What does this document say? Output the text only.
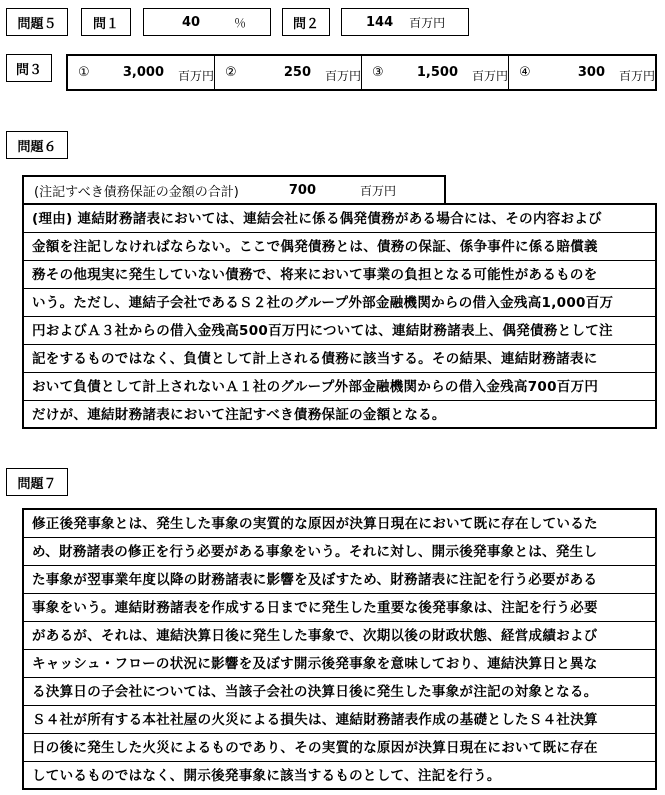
問題５	問１	40	％	問２	144 百万円
問３	①	3,000 百万円 ②	250 百万円 ③	1,500 百万円 ④	300 百万円
問題６
(注記すべき債務保証の金額の合計)	700	百万円
(理由) 連結財務諸表においては、連結会社に係る偶発債務がある場合には、その内容および
金額を注記しなければならない。ここで偶発債務とは、債務の保証、係争事件に係る賠償義
務その他現実に発生していない債務で、将来において事業の負担となる可能性があるものを
いう。ただし、連結子会社であるＳ２社のグループ外部金融機関からの借入金残高1,000百万
円およびＡ３社からの借入金残高500百万円については、連結財務諸表上、偶発債務として注
記をするものではなく、負債として計上される債務に該当する。その結果、連結財務諸表に
おいて負債として計上されないＡ１社のグループ外部金融機関からの借入金残高700百万円
だけが、連結財務諸表において注記すべき債務保証の金額となる。
問題７
修正後発事象とは、発生した事象の実質的な原因が決算日現在において既に存在しているた
め、財務諸表の修正を行う必要がある事象をいう。それに対し、開示後発事象とは、発生し
た事象が翌事業年度以降の財務諸表に影響を及ぼすため、財務諸表に注記を行う必要がある
事象をいう。連結財務諸表を作成する日までに発生した重要な後発事象は、注記を行う必要
があるが、それは、連結決算日後に発生した事象で、次期以後の財政状態、経営成績および
キャッシュ・フローの状況に影響を及ぼす開示後発事象を意味しており、連結決算日と異な
る決算日の子会社については、当該子会社の決算日後に発生した事象が注記の対象となる。
Ｓ４社が所有する本社社屋の火災による損失は、連結財務諸表作成の基礎としたＳ４社決算
日の後に発生した火災によるものであり、その実質的な原因が決算日現在において既に存在
しているものではなく、開示後発事象に該当するものとして、注記を行う。
